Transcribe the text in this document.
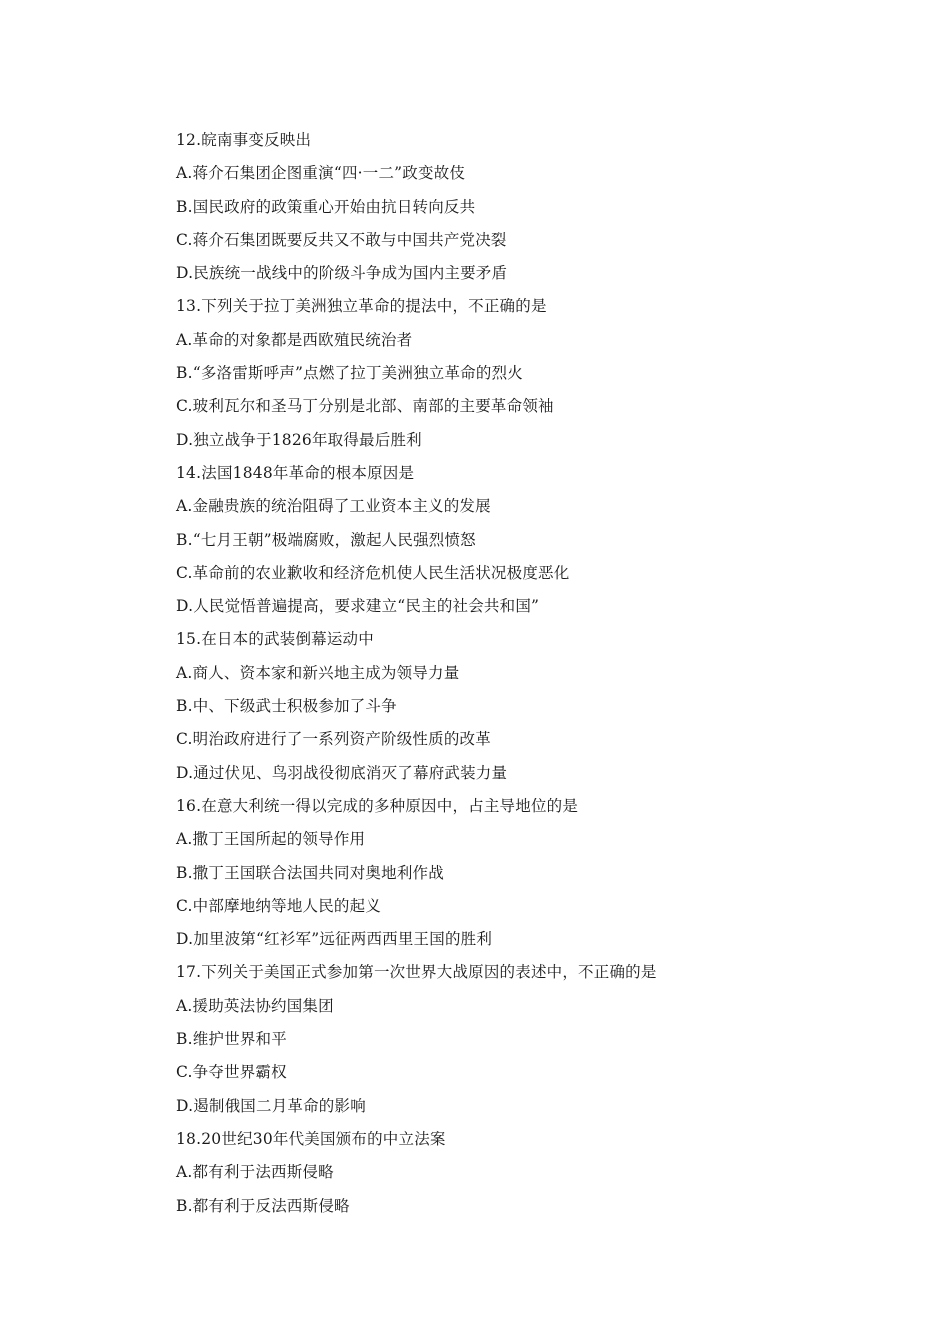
12.皖南事变反映出
A.蒋介石集团企图重演“四·一二”政变故伎
B.国民政府的政策重心开始由抗日转向反共
C.蒋介石集团既要反共又不敢与中国共产党决裂
D.民族统一战线中的阶级斗争成为国内主要矛盾
13.下列关于拉丁美洲独立革命的提法中，不正确的是
A.革命的对象都是西欧殖民统治者
B.“多洛雷斯呼声”点燃了拉丁美洲独立革命的烈火
C.玻利瓦尔和圣马丁分别是北部、南部的主要革命领袖
D.独立战争于1826年取得最后胜利
14.法国1848年革命的根本原因是
A.金融贵族的统治阻碍了工业资本主义的发展
B.“七月王朝”极端腐败，激起人民强烈愤怒
C.革命前的农业歉收和经济危机使人民生活状况极度恶化
D.人民觉悟普遍提高，要求建立“民主的社会共和国”
15.在日本的武装倒幕运动中
A.商人、资本家和新兴地主成为领导力量
B.中、下级武士积极参加了斗争
C.明治政府进行了一系列资产阶级性质的改革
D.通过伏见、鸟羽战役彻底消灭了幕府武装力量
16.在意大利统一得以完成的多种原因中，占主导地位的是
A.撒丁王国所起的领导作用
B.撒丁王国联合法国共同对奥地利作战
C.中部摩地纳等地人民的起义
D.加里波第“红衫军”远征两西西里王国的胜利
17.下列关于美国正式参加第一次世界大战原因的表述中，不正确的是
A.援助英法协约国集团
B.维护世界和平
C.争夺世界霸权
D.遏制俄国二月革命的影响
18.20世纪30年代美国颁布的中立法案
A.都有利于法西斯侵略
B.都有利于反法西斯侵略
